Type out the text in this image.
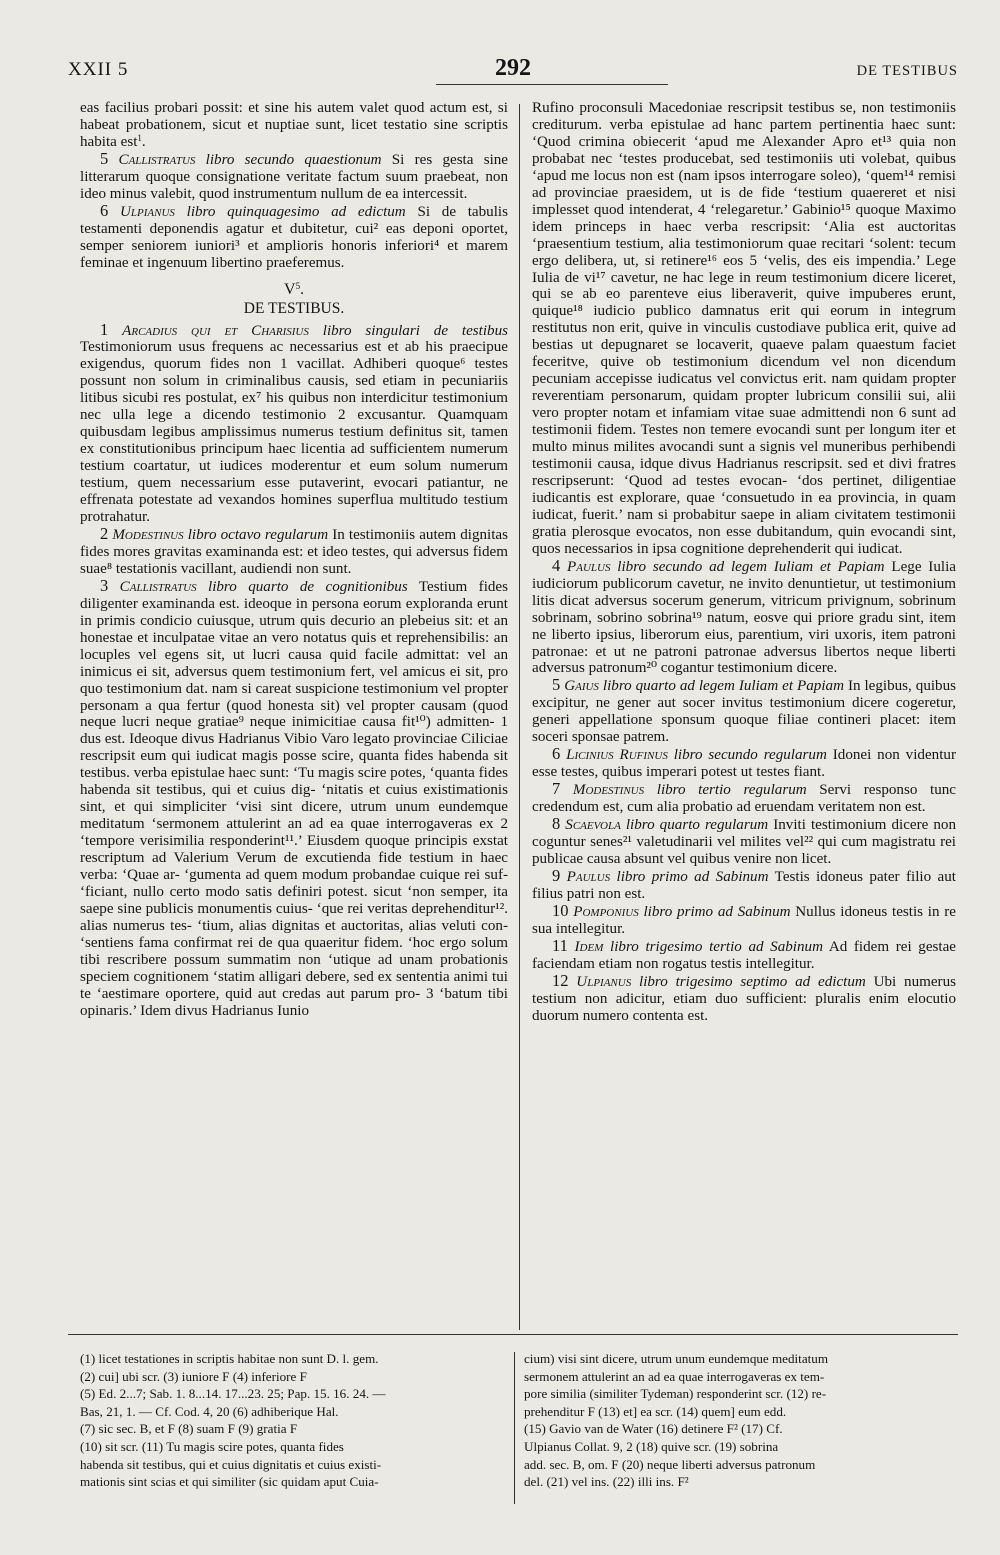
XXII 5	292	DE TESTIBUS

eas facilius probari possit: et sine his autem valet quod actum est, si habeat probationem, sicut et nuptiae sunt, licet testatio sine scriptis habita est$^1$.

5 Callistratus libro secundo quaestionum Si res gesta sine litterarum quoque consignatione veritate factum suum praebeat, non ideo minus valebit, quod instrumentum nullum de ea intercessit.

6 Ulpianus libro quinquagesimo ad edictum Si de tabulis testamenti deponendis agatur et dubitetur, cui² eas deponi oportet, semper seniorem iuniori³ et amplioris honoris inferiori⁴ et marem feminae et ingenuum libertino praeferemus.

$V^5$.
DE TESTIBUS.

1 Arcadius qui et Charisius libro singulari de testibus Testimoniorum usus frequens ac necessarius est et ab his praecipue exigendus, quorum fides non 1 vacillat. Adhiberi quoque⁶ testes possunt non solum in criminalibus causis, sed etiam in pecuniariis litibus sicubi res postulat, ex⁷ his quibus non interdicitur testimonium nec ulla lege a dicendo testimonio 2 excusantur. Quamquam quibusdam legibus amplissimus numerus testium definitus sit, tamen ex constitutionibus principum haec licentia ad sufficientem numerum testium coartatur, ut iudices moderentur et eum solum numerum testium, quem necessarium esse putaverint, evocari patiantur, ne effrenata potestate ad vexandos homines superflua multitudo testium protrahatur.

2 Modestinus libro octavo regularum In testimoniis autem dignitas fides mores gravitas examinanda est: et ideo testes, qui adversus fidem suae⁸ testationis vacillant, audiendi non sunt.

3 Callistratus libro quarto de cognitionibus Testium fides diligenter examinanda est. ideoque in persona eorum exploranda erunt in primis condicio cuiusque, utrum quis decurio an plebeius sit: et an honestae et inculpatae vitae an vero notatus quis et reprehensibilis: an locuples vel egens sit, ut lucri causa quid facile admittat: vel an inimicus ei sit, adversus quem testimonium fert, vel amicus ei sit, pro quo testimonium dat. nam si careat suspicione testimonium vel propter personam a qua fertur (quod honesta sit) vel propter causam (quod neque lucri neque gratiae⁹ neque inimicitiae causa fit¹⁰) admitten- 1 dus est. Ideoque divus Hadrianus Vibio Varo legato provinciae Ciliciae rescripsit eum qui iudicat magis posse scire, quanta fides habenda sit testibus. verba epistulae haec sunt: ‘Tu magis scire potes, ‘quanta fides habenda sit testibus, qui et cuius dig- ‘nitatis et cuius existimationis sint, et qui simpliciter ‘visi sint dicere, utrum unum eundemque meditatum ‘sermonem attulerint an ad ea quae interrogaveras ex 2 ‘tempore verisimilia responderint¹¹.’ Eiusdem quoque principis exstat rescriptum ad Valerium Verum de excutienda fide testium in haec verba: ‘Quae ar- ‘gumenta ad quem modum probandae cuique rei suf- ‘ficiant, nullo certo modo satis definiri potest. sicut ‘non semper, ita saepe sine publicis monumentis cuius- ‘que rei veritas deprehenditur¹². alias numerus tes- ‘tium, alias dignitas et auctoritas, alias veluti con- ‘sentiens fama confirmat rei de qua quaeritur fidem. ‘hoc ergo solum tibi rescribere possum summatim non ‘utique ad unam probationis speciem cognitionem ‘statim alligari debere, sed ex sententia animi tui te ‘aestimare oportere, quid aut credas aut parum pro- 3 ‘batum tibi opinaris.’ Idem divus Hadrianus Iunio

Rufino proconsuli Macedoniae rescripsit testibus se, non testimoniis crediturum. verba epistulae ad hanc partem pertinentia haec sunt: ‘Quod crimina obiecerit ‘apud me Alexander Apro et¹³ quia non probabat nec ‘testes producebat, sed testimoniis uti volebat, quibus ‘apud me locus non est (nam ipsos interrogare soleo), ‘quem¹⁴ remisi ad provinciae praesidem, ut is de fide ‘testium quaereret et nisi implesset quod intenderat, 4 ‘relegaretur.’ Gabinio¹⁵ quoque Maximo idem princeps in haec verba rescripsit: ‘Alia est auctoritas ‘praesentium testium, alia testimoniorum quae recitari ‘solent: tecum ergo delibera, ut, si retinere¹⁶ eos 5 ‘velis, des eis impendia.’ Lege Iulia de vi¹⁷ cavetur, ne hac lege in reum testimonium dicere liceret, qui se ab eo parenteve eius liberaverit, quive impuberes erunt, quique¹⁸ iudicio publico damnatus erit qui eorum in integrum restitutus non erit, quive in vinculis custodiave publica erit, quive ad bestias ut depugnaret se locaverit, quaeve palam quaestum faciet feceritve, quive ob testimonium dicendum vel non dicendum pecuniam accepisse iudicatus vel convictus erit. nam quidam propter reverentiam personarum, quidam propter lubricum consilii sui, alii vero propter notam et infamiam vitae suae admittendi non 6 sunt ad testimonii fidem. Testes non temere evocandi sunt per longum iter et multo minus milites avocandi sunt a signis vel muneribus perhibendi testimonii causa, idque divus Hadrianus rescripsit. sed et divi fratres rescripserunt: ‘Quod ad testes evocan- ‘dos pertinet, diligentiae iudicantis est explorare, quae ‘consuetudo in ea provincia, in quam iudicat, fuerit.’ nam si probabitur saepe in aliam civitatem testimonii gratia plerosque evocatos, non esse dubitandum, quin evocandi sint, quos necessarios in ipsa cognitione deprehenderit qui iudicat.

4 Paulus libro secundo ad legem Iuliam et Papiam Lege Iulia iudiciorum publicorum cavetur, ne invito denuntietur, ut testimonium litis dicat adversus socerum generum, vitricum privignum, sobrinum sobrinam, sobrino sobrina¹⁹ natum, eosve qui priore gradu sint, item ne liberto ipsius, liberorum eius, parentium, viri uxoris, item patroni patronae: et ut ne patroni patronae adversus libertos neque liberti adversus patronum²⁰ cogantur testimonium dicere.

5 Gaius libro quarto ad legem Iuliam et Papiam In legibus, quibus excipitur, ne gener aut socer invitus testimonium dicere cogeretur, generi appellatione sponsum quoque filiae contineri placet: item soceri sponsae patrem.

6 Licinius Rufinus libro secundo regularum Idonei non videntur esse testes, quibus imperari potest ut testes fiant.

7 Modestinus libro tertio regularum Servi responso tunc credendum est, cum alia probatio ad eruendam veritatem non est.

8 Scaevola libro quarto regularum Inviti testimonium dicere non coguntur senes²¹ valetudinarii vel milites vel²² qui cum magistratu rei publicae causa absunt vel quibus venire non licet.

9 Paulus libro primo ad Sabinum Testis idoneus pater filio aut filius patri non est.

10 Pomponius libro primo ad Sabinum Nullus idoneus testis in re sua intellegitur.

11 Idem libro trigesimo tertio ad Sabinum Ad fidem rei gestae faciendam etiam non rogatus testis intellegitur.

12 Ulpianus libro trigesimo septimo ad edictum Ubi numerus testium non adicitur, etiam duo sufficient: pluralis enim elocutio duorum numero contenta est.

(1) licet testationes in scriptis habitae non sunt D. l. gem.
(2) cui] ubi scr. (3) iuniore F (4) inferiore F
(5) Ed. 2...7; Sab. 1. 8...14. 17...23. 25; Pap. 15. 16. 24. —
Bas, 21, 1. — Cf. Cod. 4, 20 (6) adhiberique Hal.
(7) sic sec. B, et F (8) suam F (9) gratia F
(10) sit scr. (11) Tu magis scire potes, quanta fides
habenda sit testibus, qui et cuius dignitatis et cuius existi-
mationis sint scias et qui similiter (sic quidam aput Cuia-
cium) visi sint dicere, utrum unum eundemque meditatum
sermonem attulerint an ad ea quae interrogaveras ex tem-
pore similia (similiter Tydeman) responderint scr. (12) re-
prehenditur F (13) et] ea scr. (14) quem] eum edd.
(15) Gavio van de Water (16) detinere F² (17) Cf.
Ulpianus Collat. 9, 2 (18) quive scr. (19) sobrina
add. sec. B, om. F (20) neque liberti adversus patronum
del. (21) vel ins. (22) illi ins. F²
